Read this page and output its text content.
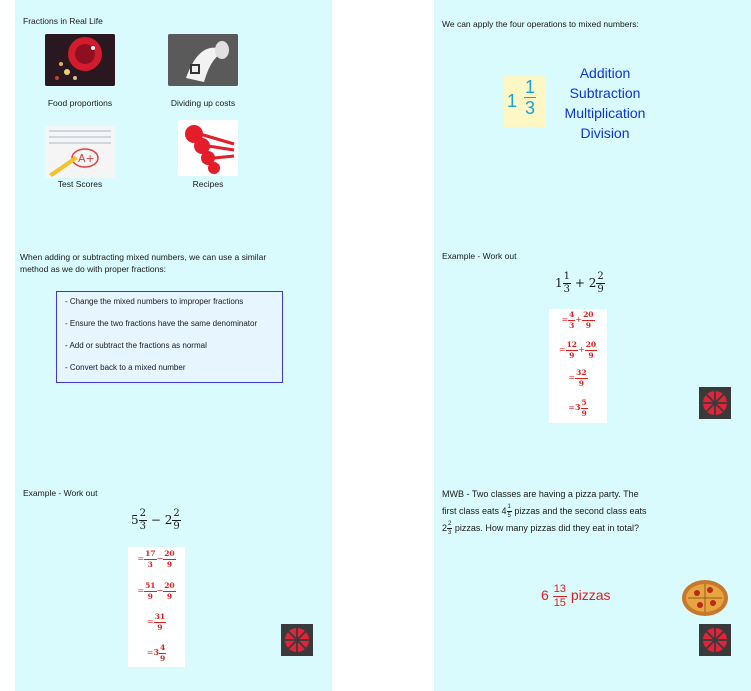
Fractions in Real Life
Food proportions	Dividing up costs
A+
Test Scores	Recipes
We can apply the four operations to mixed numbers:
$1 \frac{1}{3}$
Addition
Subtraction
Multiplication
Division
When adding or subtracting mixed numbers, we can use a similar
method as we do with proper fractions:
- Change the mixed numbers to improper fractions
- Ensure the two fractions have the same denominator
- Add or subtract the fractions as normal
- Convert back to a mixed number
Example - Work out
$1 \frac{1}{3} + 2 \frac{2}{9}$
= $\frac{4}{3} + \frac{20}{9}$
= $\frac{12}{9} + \frac{20}{9}$
= $\frac{32}{9}$
$=3 \frac{5}{9}$
Example - Work out
$5 \frac{2}{3} - 2 \frac{2}{9}$
= $\frac{17}{3} - \frac{20}{9}$
= $\frac{51}{9} - \frac{20}{9}$
= $\frac{31}{9}$
$=3 \frac{4}{9}$
MWB - Two classes are having a pizza party. The
first class eats $4 \frac{1}{5}$ pizzas and the second class eats
$2 \frac{2}{3}$ pizzas. How many pizzas did they eat in total?
$6 \frac{13}{15}$ pizzas
